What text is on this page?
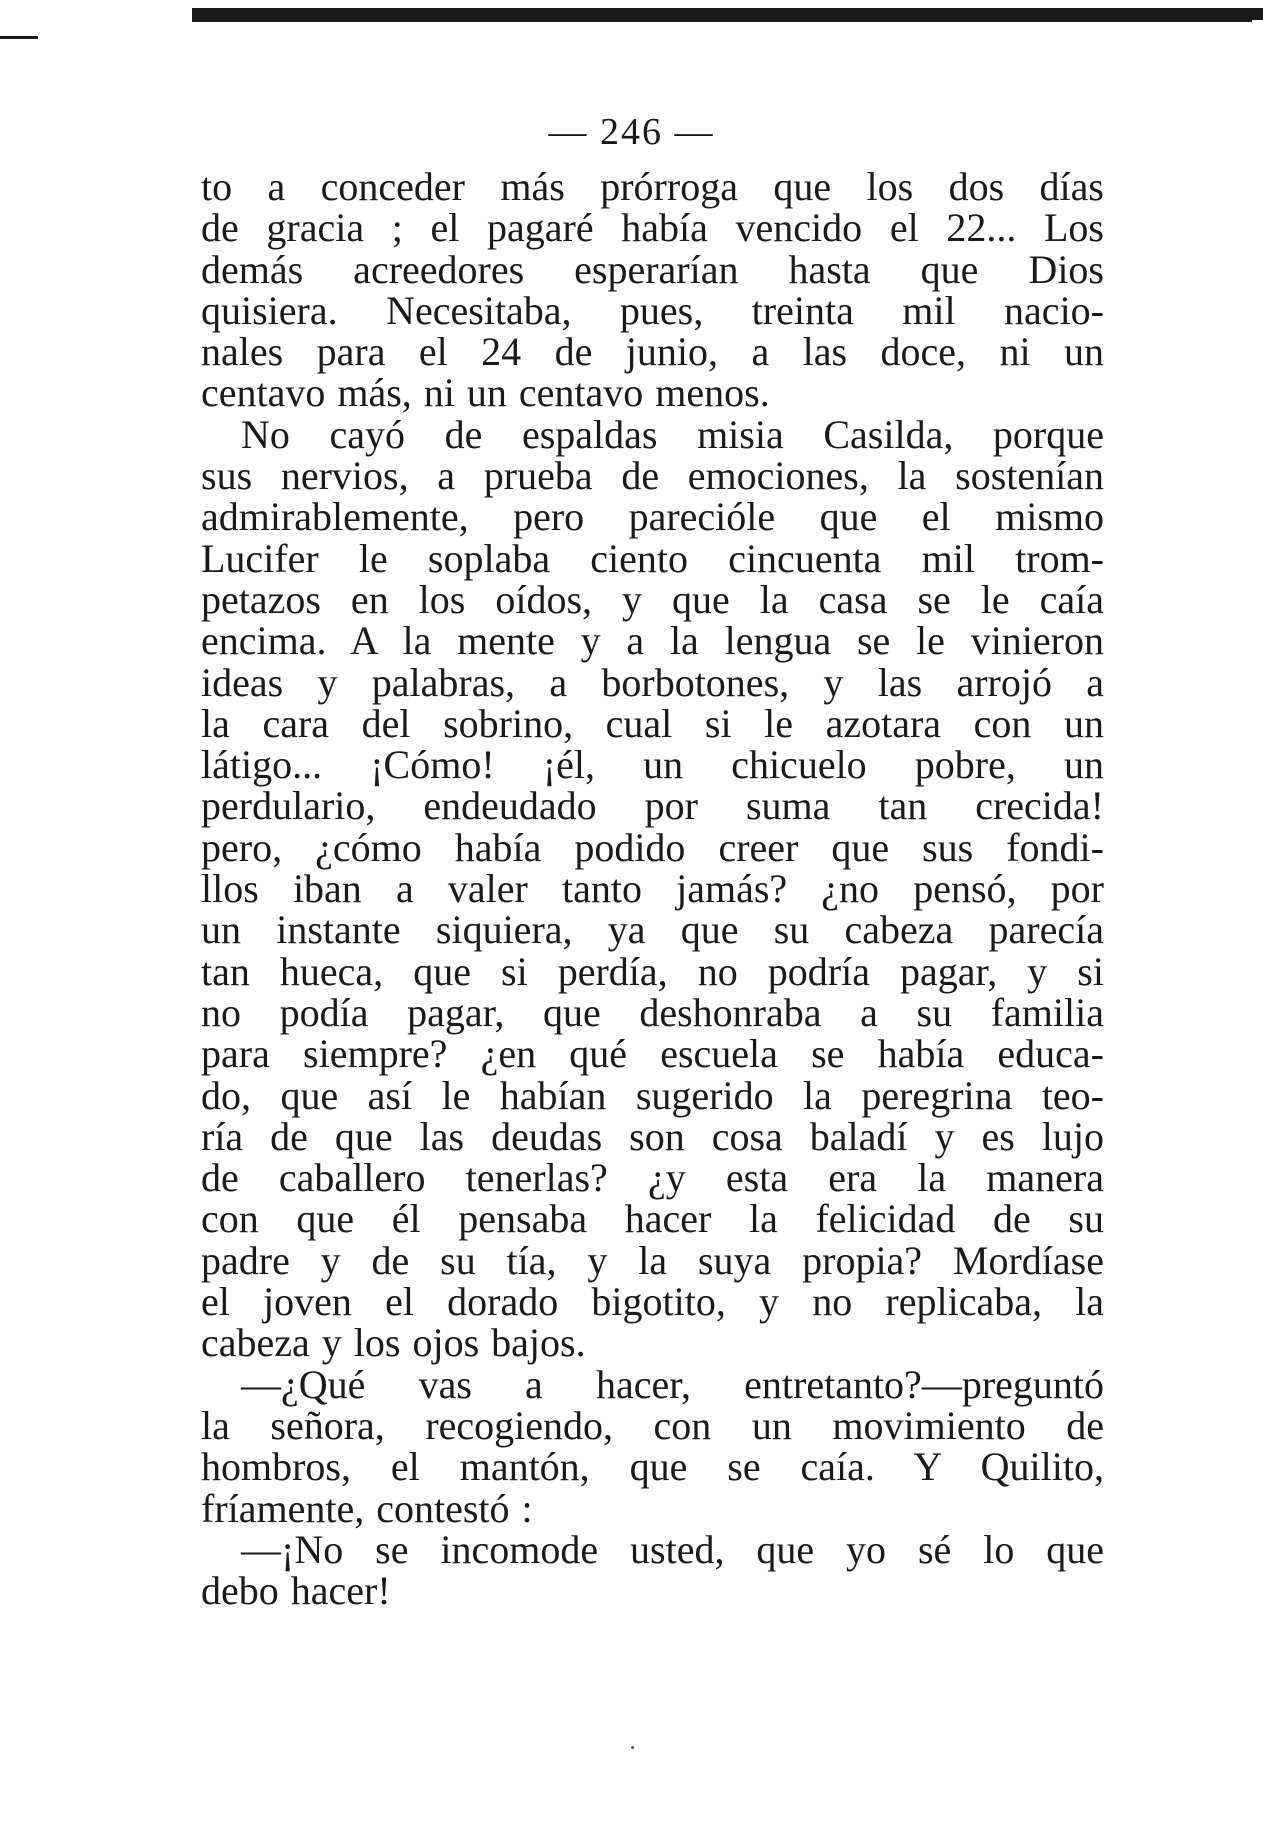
— 246 —
to a conceder más prórroga que los dos días
de gracia ; el pagaré había vencido el 22... Los
demás acreedores esperarían hasta que Dios
quisiera. Necesitaba, pues, treinta mil nacio-
nales para el 24 de junio, a las doce, ni un
centavo más, ni un centavo menos.
No cayó de espaldas misia Casilda, porque
sus nervios, a prueba de emociones, la sostenían
admirablemente, pero parecióle que el mismo
Lucifer le soplaba ciento cincuenta mil trom-
petazos en los oídos, y que la casa se le caía
encima. A la mente y a la lengua se le vinieron
ideas y palabras, a borbotones, y las arrojó a
la cara del sobrino, cual si le azotara con un
látigo... ¡Cómo! ¡él, un chicuelo pobre, un
perdulario, endeudado por suma tan crecida!
pero, ¿cómo había podido creer que sus fondi-
llos iban a valer tanto jamás? ¿no pensó, por
un instante siquiera, ya que su cabeza parecía
tan hueca, que si perdía, no podría pagar, y si
no podía pagar, que deshonraba a su familia
para siempre? ¿en qué escuela se había educa-
do, que así le habían sugerido la peregrina teo-
ría de que las deudas son cosa baladí y es lujo
de caballero tenerlas? ¿y esta era la manera
con que él pensaba hacer la felicidad de su
padre y de su tía, y la suya propia? Mordíase
el joven el dorado bigotito, y no replicaba, la
cabeza y los ojos bajos.
—¿Qué vas a hacer, entretanto?—preguntó
la señora, recogiendo, con un movimiento de
hombros, el mantón, que se caía. Y Quilito,
fríamente, contestó :
—¡No se incomode usted, que yo sé lo que
debo hacer!
